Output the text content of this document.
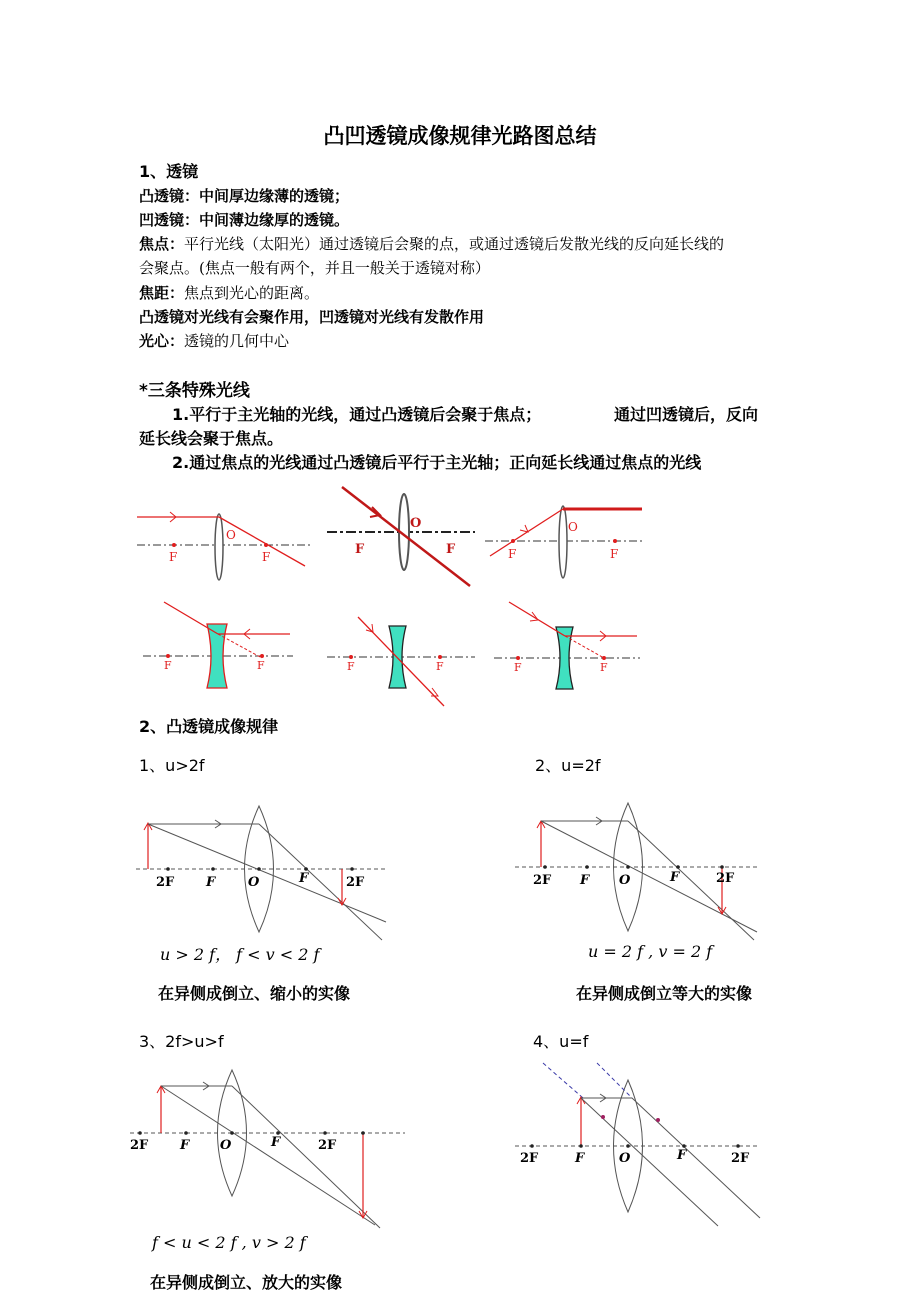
凸凹透镜成像规律光路图总结
1、透镜
凸透镜：中间厚边缘薄的透镜；
凹透镜：中间薄边缘厚的透镜。
焦点：平行光线（太阳光）通过透镜后会聚的点，或通过透镜后发散光线的反向延长线的
会聚点。(焦点一般有两个，并且一般关于透镜对称）
焦距：焦点到光心的距离。
凸透镜对光线有会聚作用，凹透镜对光线有发散作用
光心：透镜的几何中心
*三条特殊光线
1.平行于主光轴的光线，通过凸透镜后会聚于焦点；	通过凹透镜后，反向
延长线会聚于焦点。
2.通过焦点的光线通过凸透镜后平行于主光轴；正向延长线通过焦点的光线
F	F
O
O
F	F	F	F
O
F	F	F	F	F	F
2F F	O	F	2F	2F F O	F	2F
2F F O	F	2F
2F	F	O	F	2F
2、凸透镜成像规律
1、u>2f	2、u=2f
u > 2 f， f < v < 2 f	u = 2 f , v = 2 f
在异侧成倒立、缩小的实像	在异侧成倒立等大的实像
3、2f>u>f	4、u=f
f < u < 2 f , v > 2 f
在异侧成倒立、放大的实像
